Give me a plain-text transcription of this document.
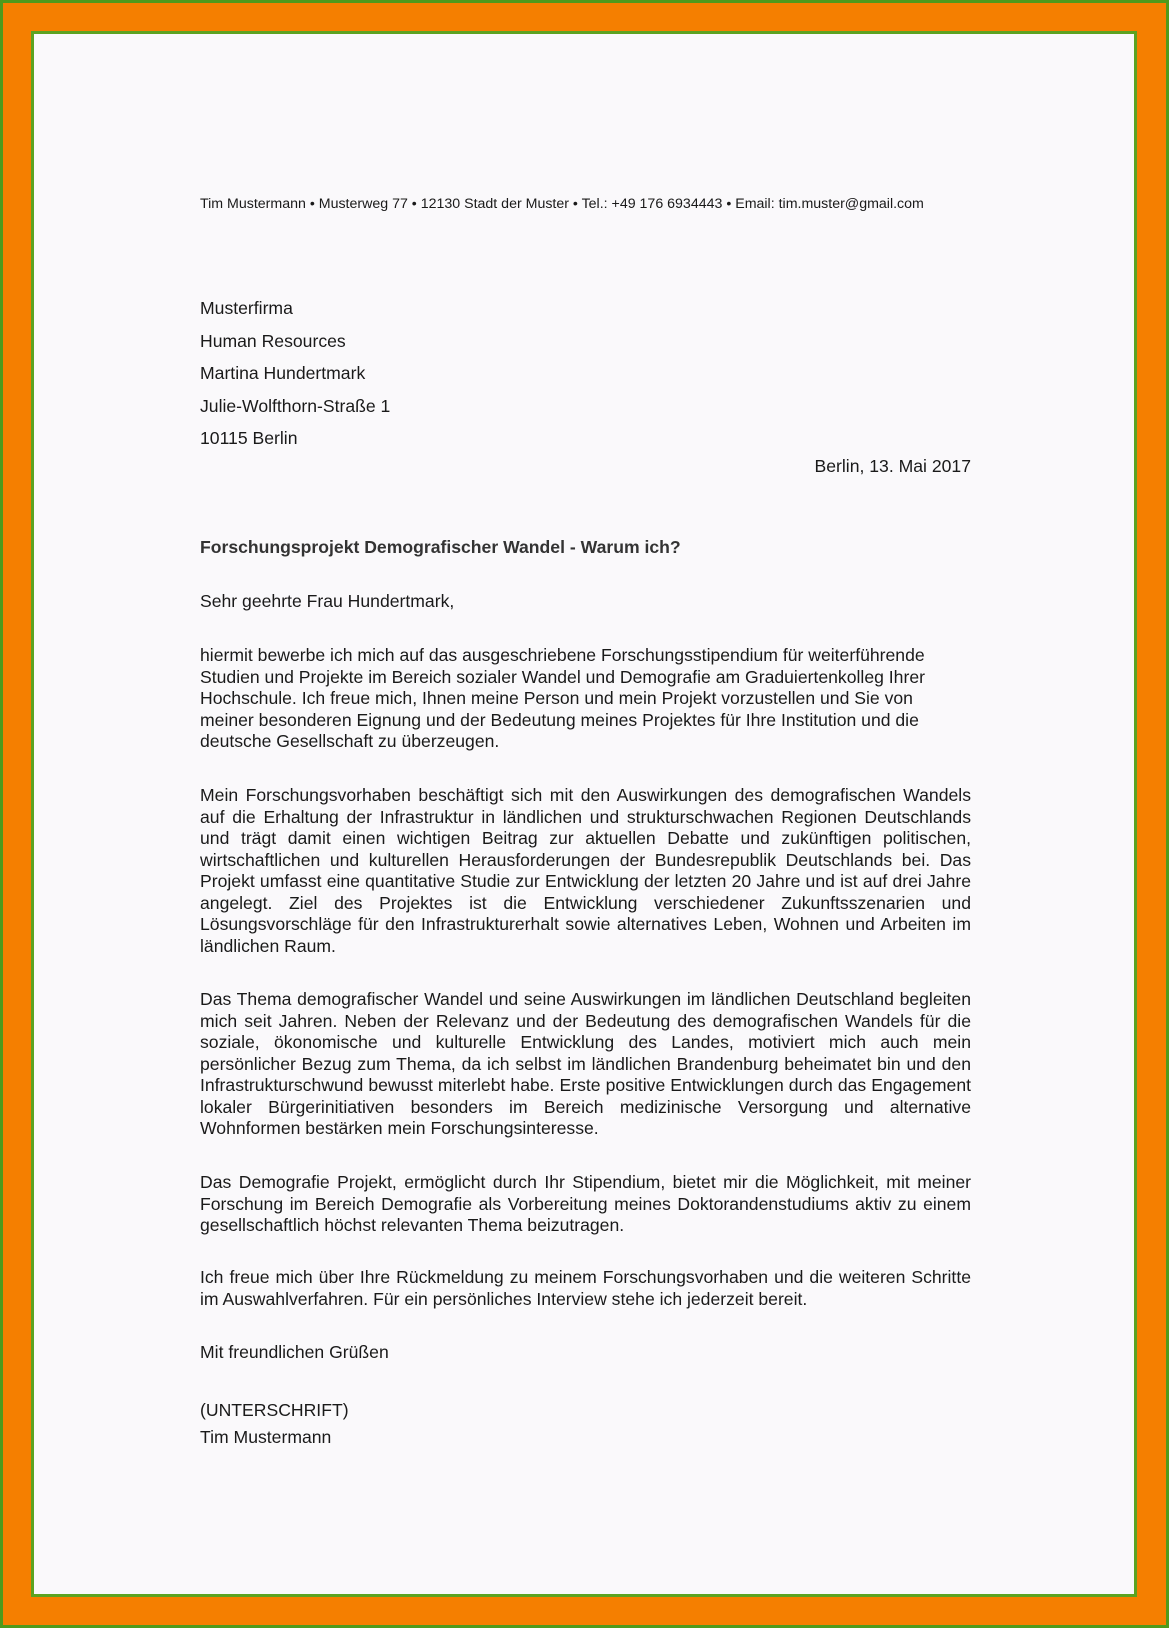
Tim Mustermann • Musterweg 77 • 12130 Stadt der Muster • Tel.: +49 176 6934443 • Email: tim.muster@gmail.com
Musterfirma
Human Resources
Martina Hundertmark
Julie-Wolfthorn-Straße 1
10115 Berlin
Berlin, 13. Mai 2017
Forschungsprojekt Demografischer Wandel - Warum ich?
Sehr geehrte Frau Hundertmark,
hiermit bewerbe ich mich auf das ausgeschriebene Forschungsstipendium für weiterführende Studien und Projekte im Bereich sozialer Wandel und Demografie am Graduiertenkolleg Ihrer Hochschule. Ich freue mich, Ihnen meine Person und mein Projekt vorzustellen und Sie von meiner besonderen Eignung und der Bedeutung meines Projektes für Ihre Institution und die deutsche Gesellschaft zu überzeugen.
Mein Forschungsvorhaben beschäftigt sich mit den Auswirkungen des demografischen Wandels auf die Erhaltung der Infrastruktur in ländlichen und strukturschwachen Regionen Deutschlands und trägt damit einen wichtigen Beitrag zur aktuellen Debatte und zukünftigen politischen, wirtschaftlichen und kulturellen Herausforderungen der Bundesrepublik Deutschlands bei. Das Projekt umfasst eine quantitative Studie zur Entwicklung der letzten 20 Jahre und ist auf drei Jahre angelegt. Ziel des Projektes ist die Entwicklung verschiedener Zukunftsszenarien und Lösungsvorschläge für den Infrastrukturerhalt sowie alternatives Leben, Wohnen und Arbeiten im ländlichen Raum.
Das Thema demografischer Wandel und seine Auswirkungen im ländlichen Deutschland begleiten mich seit Jahren. Neben der Relevanz und der Bedeutung des demografischen Wandels für die soziale, ökonomische und kulturelle Entwicklung des Landes, motiviert mich auch mein persönlicher Bezug zum Thema, da ich selbst im ländlichen Brandenburg beheimatet bin und den Infrastrukturschwund bewusst miterlebt habe. Erste positive Entwicklungen durch das Engagement lokaler Bürgerinitiativen besonders im Bereich medizinische Versorgung und alternative Wohnformen bestärken mein Forschungsinteresse.
Das Demografie Projekt, ermöglicht durch Ihr Stipendium, bietet mir die Möglichkeit, mit meiner Forschung im Bereich Demografie als Vorbereitung meines Doktorandenstudiums aktiv zu einem gesellschaftlich höchst relevanten Thema beizutragen.
Ich freue mich über Ihre Rückmeldung zu meinem Forschungsvorhaben und die weiteren Schritte im Auswahlverfahren. Für ein persönliches Interview stehe ich jederzeit bereit.
Mit freundlichen Grüßen
(UNTERSCHRIFT)
Tim Mustermann
